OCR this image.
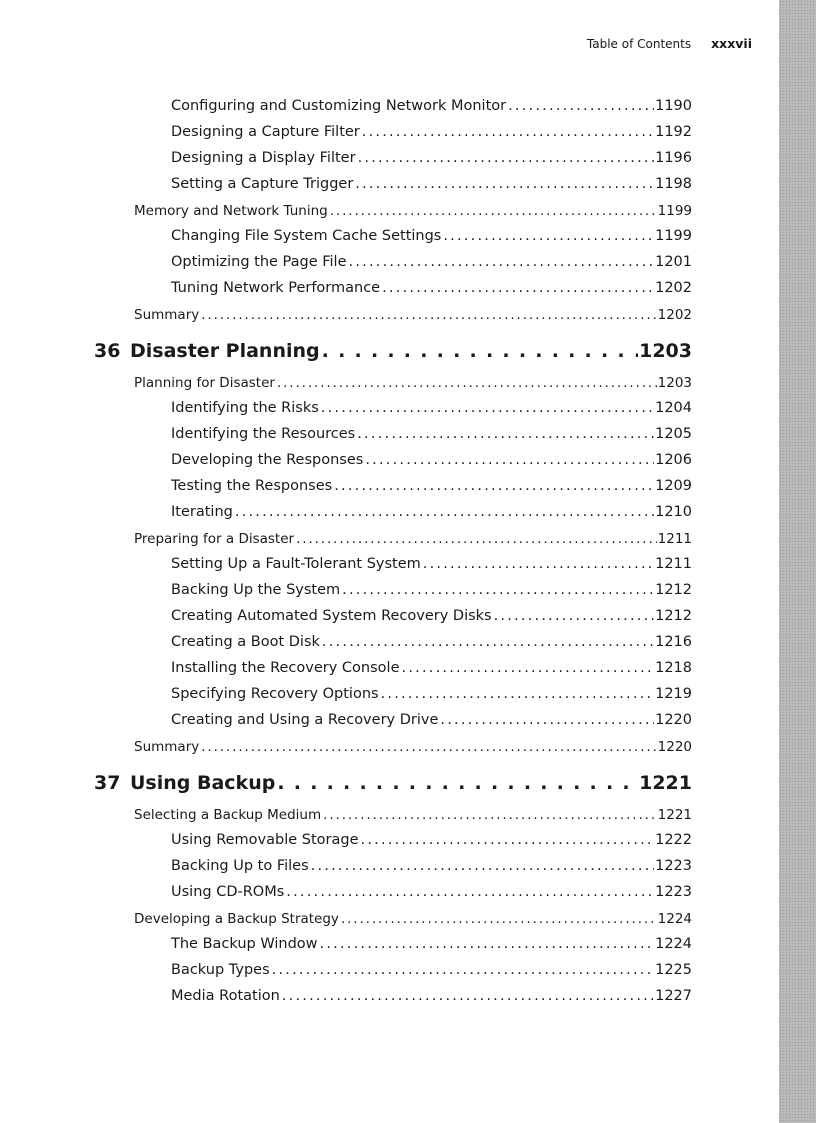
Table of Contents xxxvii
Configuring and Customizing Network Monitor . . .	1190
Designing a Capture Filter . . .	1192
Designing a Display Filter . . .	1196
Setting a Capture Trigger . . .	1198
Memory and Network Tuning . . .	1199
Changing File System Cache Settings . . .	1199
Optimizing the Page File . . .	1201
Tuning Network Performance . . .	1202
Summary . . .	1202
36 Disaster Planning . . .	1203
Planning for Disaster . . .	1203
Identifying the Risks . . .	1204
Identifying the Resources . . .	1205
Developing the Responses . . .	1206
Testing the Responses . . .	1209
Iterating . . .	1210
Preparing for a Disaster . . .	1211
Setting Up a Fault-Tolerant System . . .	1211
Backing Up the System . . .	1212
Creating Automated System Recovery Disks . . .	1212
Creating a Boot Disk . . .	1216
Installing the Recovery Console . . .	1218
Specifying Recovery Options . . .	1219
Creating and Using a Recovery Drive . . .	1220
Summary . . .	1220
37 Using Backup . . .	1221
Selecting a Backup Medium . . .	1221
Using Removable Storage . . .	1222
Backing Up to Files . . .	1223
Using CD-ROMs . . .	1223
Developing a Backup Strategy . . .	1224
The Backup Window . . .	1224
Backup Types . . .	1225
Media Rotation . . .	1227
